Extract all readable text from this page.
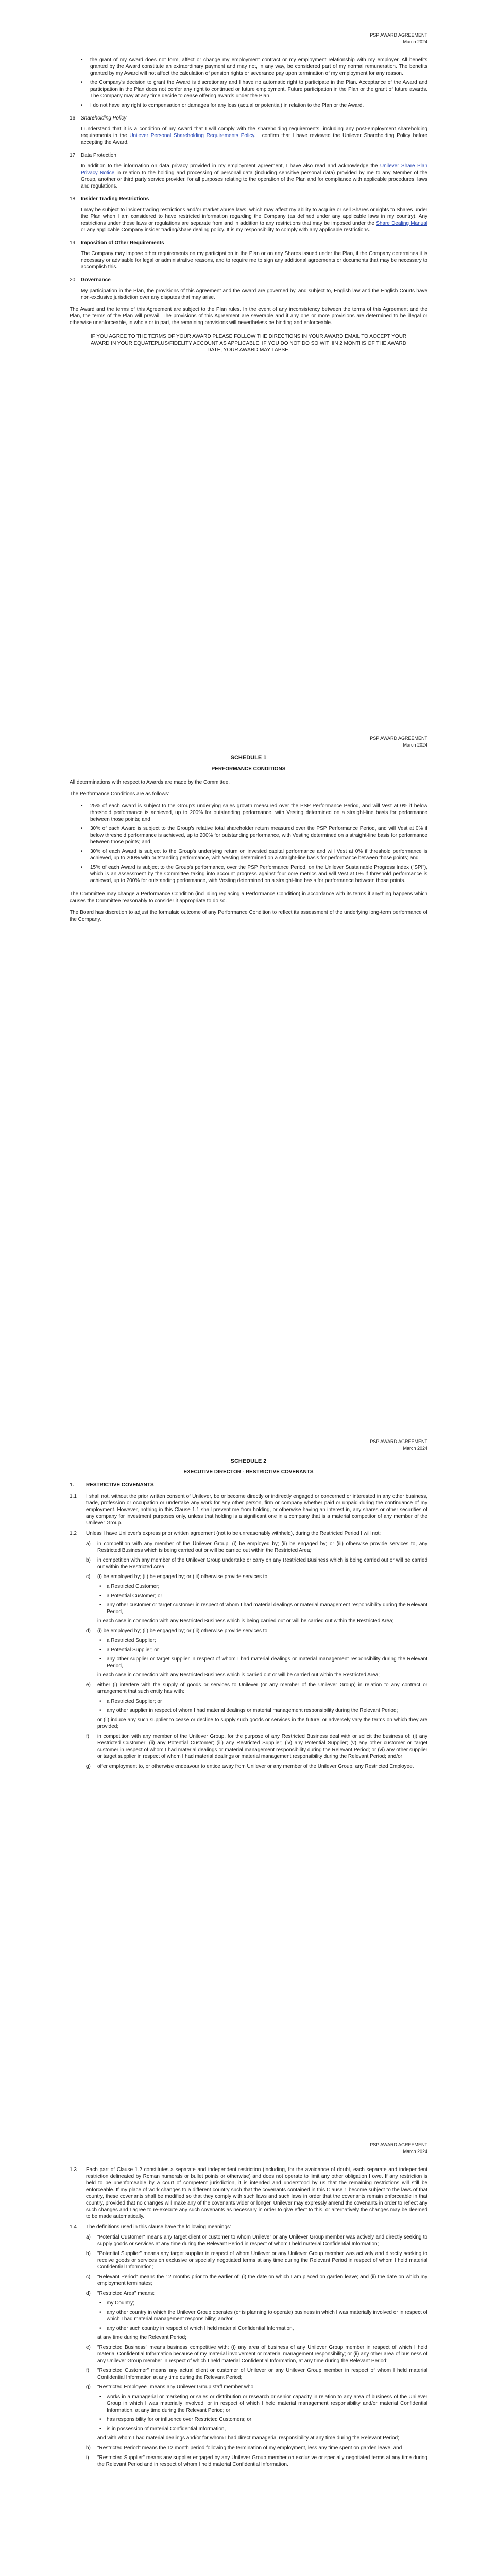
PSP AWARD AGREEMENT
March 2024
• the grant of my Award does not form, affect or change my employment contract or my employment relationship with my employer. All benefits granted by the Award constitute an extraordinary payment and may not, in any way, be considered part of my normal remuneration. The benefits granted by my Award will not affect the calculation of pension rights or severance pay upon termination of my employment for any reason.
• the Company's decision to grant the Award is discretionary and I have no automatic right to participate in the Plan. Acceptance of the Award and participation in the Plan does not confer any right to continued or future employment. Future participation in the Plan or the grant of future awards. The Company may at any time decide to cease offering awards under the Plan.
• I do not have any right to compensation or damages for any loss (actual or potential) in relation to the Plan or the Award.
16. Shareholding Policy

I understand that it is a condition of my Award that I will comply with the shareholding requirements, including any post-employment shareholding requirements in the Unilever Personal Shareholding Requirements Policy. I confirm that I have reviewed the Unilever Shareholding Policy before accepting the Award.

17. Data Protection

In addition to the information on data privacy provided in my employment agreement, I have also read and acknowledge the Unilever Share Plan Privacy Notice in relation to the holding and processing of personal data (including sensitive personal data) provided by me to any Member of the Group, another or third party service provider, for all purposes relating to the operation of the Plan and for compliance with applicable procedures, laws and regulations.

18. Insider Trading Restrictions

I may be subject to insider trading restrictions and/or market abuse laws, which may affect my ability to acquire or sell Shares or rights to Shares under the Plan when I am considered to have restricted information regarding the Company (as defined under any applicable laws in my country). Any restrictions under these laws or regulations are separate from and in addition to any restrictions that may be imposed under the Share Dealing Manual or any applicable Company insider trading/share dealing policy. It is my responsibility to comply with any applicable restrictions.

19. Imposition of Other Requirements

The Company may impose other requirements on my participation in the Plan or on any Shares issued under the Plan, if the Company determines it is necessary or advisable for legal or administrative reasons, and to require me to sign any additional agreements or documents that may be necessary to accomplish this.

20. Governance

My participation in the Plan, the provisions of this Agreement and the Award are governed by, and subject to, English law and the English Courts have non-exclusive jurisdiction over any disputes that may arise.

The Award and the terms of this Agreement are subject to the Plan rules. In the event of any inconsistency between the terms of this Agreement and the Plan, the terms of the Plan will prevail. The provisions of this Agreement are severable and if any one or more provisions are determined to be illegal or otherwise unenforceable, in whole or in part, the remaining provisions will nevertheless be binding and enforceable.

IF YOU AGREE TO THE TERMS OF YOUR AWARD PLEASE FOLLOW THE DIRECTIONS IN YOUR AWARD EMAIL TO ACCEPT YOUR AWARD IN YOUR EQUATEPLUS/FIDELITY ACCOUNT AS APPLICABLE. IF YOU DO NOT DO SO WITHIN 2 MONTHS OF THE AWARD DATE, YOUR AWARD MAY LAPSE.
PSP AWARD AGREEMENT
March 2024
SCHEDULE 1
PERFORMANCE CONDITIONS

All determinations with respect to Awards are made by the Committee.

The Performance Conditions are as follows:

• 25% of each Award is subject to the Group's underlying sales growth measured over the PSP Performance Period, and will Vest at 0% if below threshold performance is achieved, up to 200% for outstanding performance, with Vesting determined on a straight-line basis for performance between those points; and
• 30% of each Award is subject to the Group's relative total shareholder return measured over the PSP Performance Period, and will Vest at 0% if below threshold performance is achieved, up to 200% for outstanding performance, with Vesting determined on a straight-line basis for performance between those points; and
• 30% of each Award is subject to the Group's underlying return on invested capital performance and will Vest at 0% if threshold performance is achieved, up to 200% with outstanding performance, with Vesting determined on a straight-line basis for performance between those points; and
• 15% of each Award is subject to the Group's performance, over the PSP Performance Period, on the Unilever Sustainable Progress Index ("SPI"), which is an assessment by the Committee taking into account progress against four core metrics and will Vest at 0% if threshold performance is achieved, up to 200% for outstanding performance, with Vesting determined on a straight-line basis for performance between those points.

The Committee may change a Performance Condition (including replacing a Performance Condition) in accordance with its terms if anything happens which causes the Committee reasonably to consider it appropriate to do so.

The Board has discretion to adjust the formulaic outcome of any Performance Condition to reflect its assessment of the underlying long-term performance of the Company.

PSP AWARD AGREEMENT
March 2024
SCHEDULE 2
EXECUTIVE DIRECTOR - RESTRICTIVE COVENANTS
1.	RESTRICTIVE COVENANTS
1.1	I shall not, without the prior written consent of Unilever, be or become directly or indirectly engaged or concerned or interested in any other business, trade, profession or occupation or undertake any work for any other person, firm or company whether paid or unpaid during the continuance of my employment. However, nothing in this Clause 1.1 shall prevent me from holding, or otherwise having an interest in, any shares or other securities of any company for investment purposes only, unless that holding is a significant one in a company that is a material competitor of any member of the Unilever Group.
1.2	Unless I have Unilever's express prior written agreement (not to be unreasonably withheld), during the Restricted Period I will not:
a)	in competition with any member of the Unilever Group: (i) be employed by; (ii) be engaged by; or (iii) otherwise provide services to, any Restricted Business which is being carried out or will be carried out within the Restricted Area;
b)	in competition with any member of the Unilever Group undertake or carry on any Restricted Business which is being carried out or will be carried out within the Restricted Area;
c)	(i) be employed by; (ii) be engaged by; or (iii) otherwise provide services to:
• a Restricted Customer;
• a Potential Customer; or
• any other customer or target customer in respect of whom I had material dealings or material management responsibility during the Relevant Period,
in each case in connection with any Restricted Business which is being carried out or will be carried out within the Restricted Area;
d)	(i) be employed by; (ii) be engaged by; or (iii) otherwise provide services to:
• a Restricted Supplier;
• a Potential Supplier; or
• any other supplier or target supplier in respect of whom I had material dealings or material management responsibility during the Relevant Period,
in each case in connection with any Restricted Business which is carried out or will be carried out within the Restricted Area;
e)	either (i) interfere with the supply of goods or services to Unilever (or any member of the Unilever Group) in relation to any contract or arrangement that such entity has with:
• a Restricted Supplier; or
• any other supplier in respect of whom I had material dealings or material management responsibility during the Relevant Period;
or (ii) induce any such supplier to cease or decline to supply such goods or services in the future, or adversely vary the terms on which they are provided;
f)	in competition with any member of the Unilever Group, for the purpose of any Restricted Business deal with or solicit the business of: (i) any Restricted Customer; (ii) any Potential Customer; (iii) any Restricted Supplier; (iv) any Potential Supplier; (v) any other customer or target customer in respect of whom I had material dealings or material management responsibility during the Relevant Period; or (vi) any other supplier or target supplier in respect of whom I had material dealings or material management responsibility during the Relevant Period; and/or
g)	offer employment to, or otherwise endeavour to entice away from Unilever or any member of the Unilever Group, any Restricted Employee.
PSP AWARD AGREEMENT
March 2024
1.3	Each part of Clause 1.2 constitutes a separate and independent restriction (including, for the avoidance of doubt, each separate and independent restriction delineated by Roman numerals or bullet points or otherwise) and does not operate to limit any other obligation I owe. If any restriction is held to be unenforceable by a court of competent jurisdiction, it is intended and understood by us that the remaining restrictions will still be enforceable. If my place of work changes to a different country such that the covenants contained in this Clause 1 become subject to the laws of that country, these covenants shall be modified so that they comply with such laws and such laws in order that the covenants remain enforceable in that country, provided that no changes will make any of the covenants wider or longer. Unilever may expressly amend the covenants in order to reflect any such changes and I agree to re-execute any such covenants as necessary in order to give effect to this, or alternatively the changes may be deemed to be made automatically.
1.4	The definitions used in this clause have the following meanings:
a)	"Potential Customer" means any target client or customer to whom Unilever or any Unilever Group member was actively and directly seeking to supply goods or services at any time during the Relevant Period in respect of whom I held material Confidential Information;
b)	"Potential Supplier" means any target supplier in respect of whom Unilever or any Unilever Group member was actively and directly seeking to receive goods or services on exclusive or specially negotiated terms at any time during the Relevant Period in respect of whom I held material Confidential Information;
c)	"Relevant Period" means the 12 months prior to the earlier of: (i) the date on which I am placed on garden leave; and (ii) the date on which my employment terminates;
d)	"Restricted Area" means:
• my Country;
• any other country in which the Unilever Group operates (or is planning to operate) business in which I was materially involved or in respect of which I had material management responsibility; and/or
• any other such country in respect of which I held material Confidential Information,
at any time during the Relevant Period;
e)	"Restricted Business" means business competitive with: (i) any area of business of any Unilever Group member in respect of which I held material Confidential Information because of my material involvement or material management responsibility; or (ii) any other area of business of any Unilever Group member in respect of which I held material Confidential Information, at any time during the Relevant Period;
f)	"Restricted Customer" means any actual client or customer of Unilever or any Unilever Group member in respect of whom I held material Confidential Information at any time during the Relevant Period;
g)	"Restricted Employee" means any Unilever Group staff member who:
• works in a managerial or marketing or sales or distribution or research or senior capacity in relation to any area of business of the Unilever Group in which I was materially involved, or in respect of which I held material management responsibility and/or material Confidential Information, at any time during the Relevant Period; or
• has responsibility for or influence over Restricted Customers; or
• is in possession of material Confidential Information,
and with whom I had material dealings and/or for whom I had direct managerial responsibility at any time during the Relevant Period;
h)	"Restricted Period" means the 12 month period following the termination of my employment, less any time spent on garden leave; and
i)	"Restricted Supplier" means any supplier engaged by any Unilever Group member on exclusive or specially negotiated terms at any time during the Relevant Period and in respect of whom I held material Confidential Information.
